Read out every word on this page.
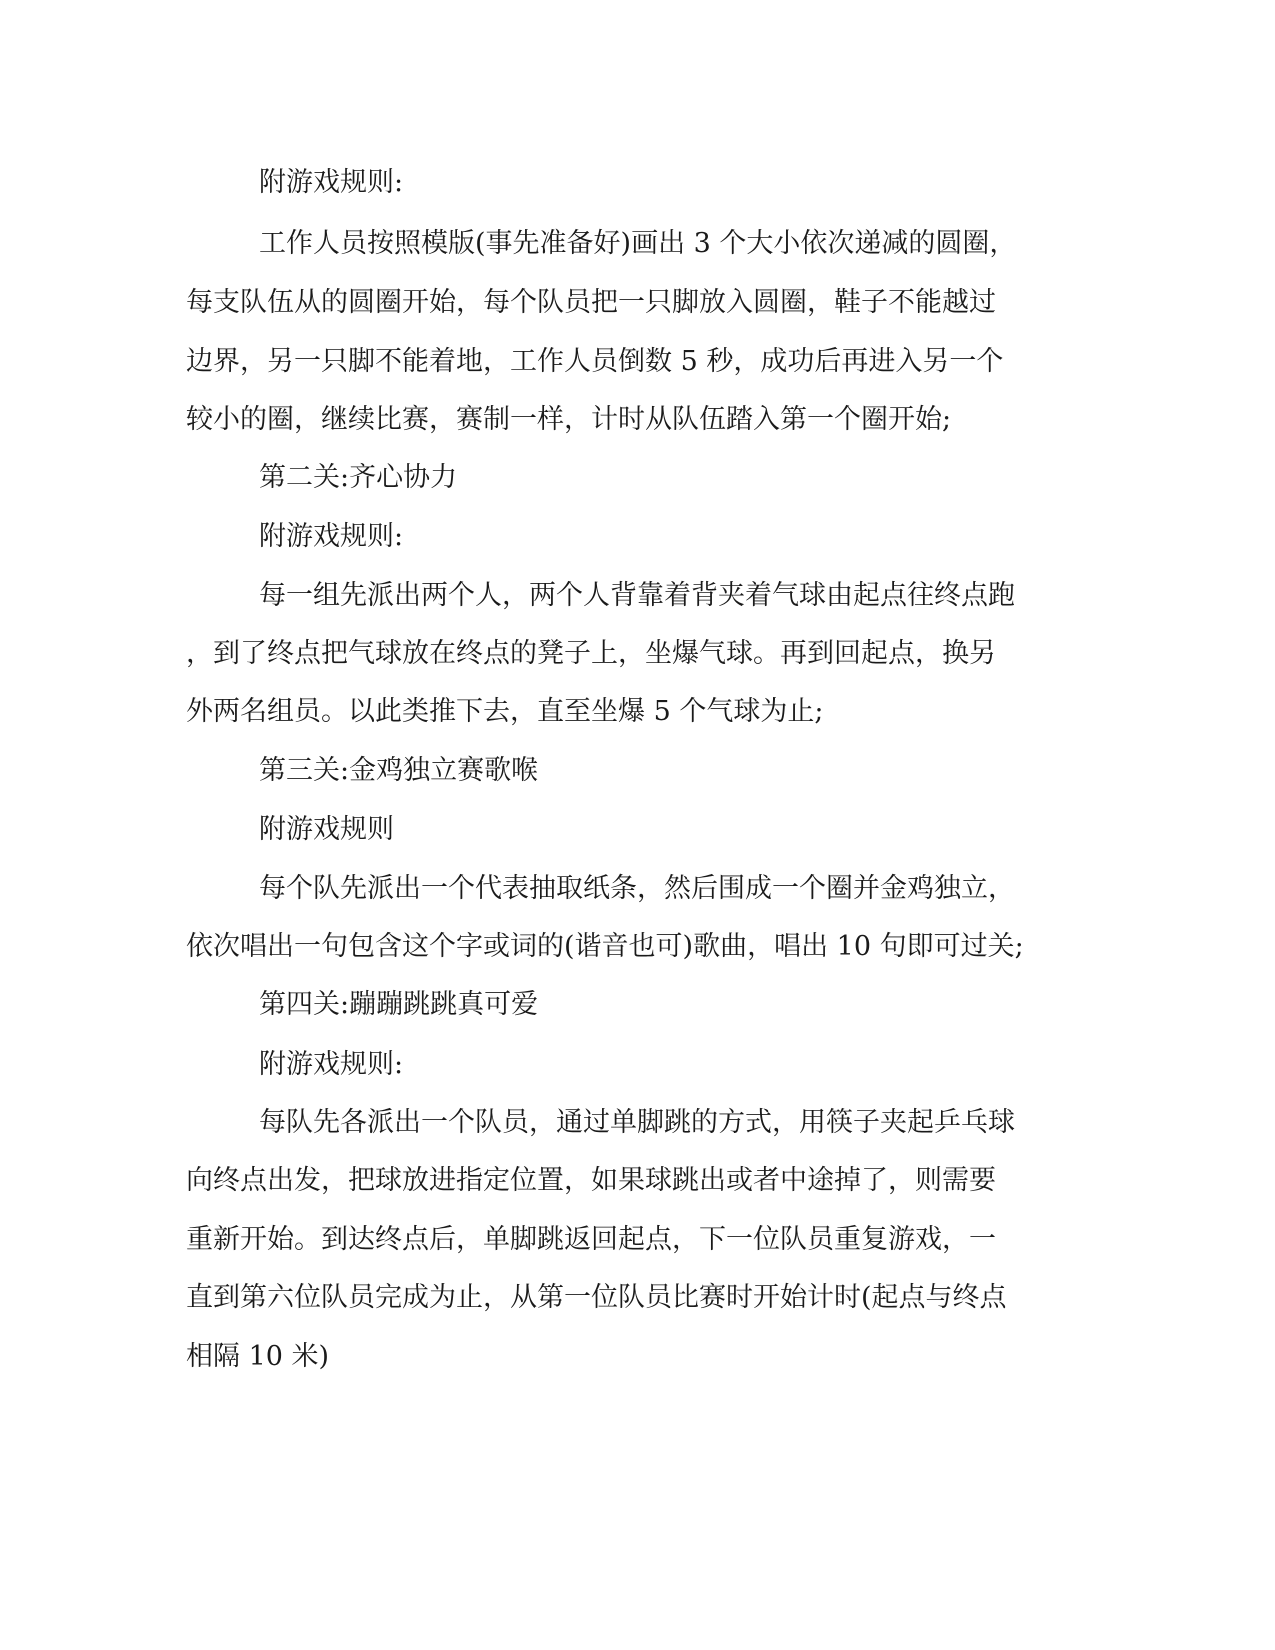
附游戏规则:

工作人员按照模版(事先准备好)画出 3 个大小依次递减的圆圈，

每支队伍从的圆圈开始，每个队员把一只脚放入圆圈，鞋子不能越过

边界，另一只脚不能着地，工作人员倒数 5 秒，成功后再进入另一个

较小的圈，继续比赛，赛制一样，计时从队伍踏入第一个圈开始;

第二关:齐心协力

附游戏规则:

每一组先派出两个人，两个人背靠着背夹着气球由起点往终点跑

，到了终点把气球放在终点的凳子上，坐爆气球。再到回起点，换另

外两名组员。以此类推下去，直至坐爆 5 个气球为止;

第三关:金鸡独立赛歌喉

附游戏规则

每个队先派出一个代表抽取纸条，然后围成一个圈并金鸡独立，

依次唱出一句包含这个字或词的(谐音也可)歌曲，唱出 10 句即可过关;

第四关:蹦蹦跳跳真可爱

附游戏规则:

每队先各派出一个队员，通过单脚跳的方式，用筷子夹起乒乓球

向终点出发，把球放进指定位置，如果球跳出或者中途掉了，则需要

重新开始。到达终点后，单脚跳返回起点，下一位队员重复游戏，一

直到第六位队员完成为止，从第一位队员比赛时开始计时(起点与终点

相隔 10 米)
